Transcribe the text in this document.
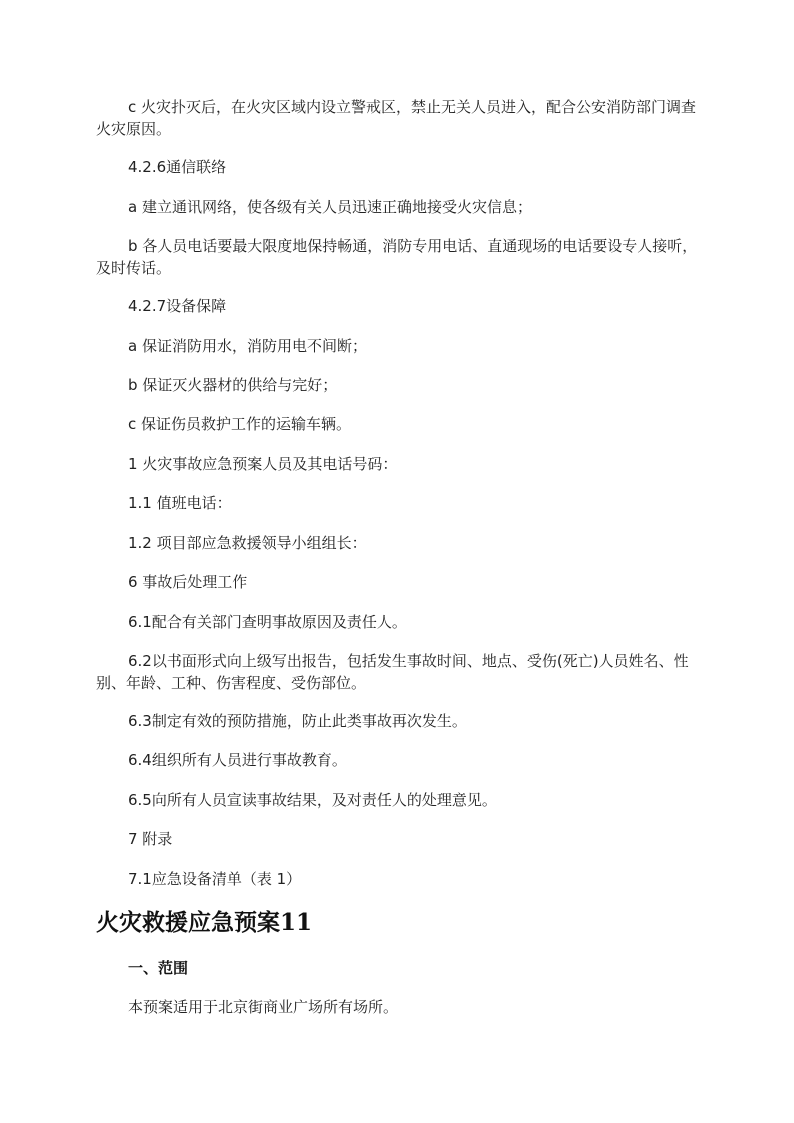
c 火灾扑灭后，在火灾区域内设立警戒区，禁止无关人员进入，配合公安消防部门调查火灾原因。

4.2.6通信联络

a 建立通讯网络，使各级有关人员迅速正确地接受火灾信息；

b 各人员电话要最大限度地保持畅通，消防专用电话、直通现场的电话要设专人接听，及时传话。

4.2.7设备保障

a 保证消防用水，消防用电不间断；

b 保证灭火器材的供给与完好；

c 保证伤员救护工作的运输车辆。

1 火灾事故应急预案人员及其电话号码：

1.1 值班电话：

1.2 项目部应急救援领导小组组长：

6 事故后处理工作

6.1配合有关部门查明事故原因及责任人。

6.2以书面形式向上级写出报告，包括发生事故时间、地点、受伤(死亡)人员姓名、性别、年龄、工种、伤害程度、受伤部位。

6.3制定有效的预防措施，防止此类事故再次发生。

6.4组织所有人员进行事故教育。

6.5向所有人员宣读事故结果，及对责任人的处理意见。

7 附录

7.1应急设备清单（表 1）

火灾救援应急预案11
一、范围

本预案适用于北京街商业广场所有场所。
